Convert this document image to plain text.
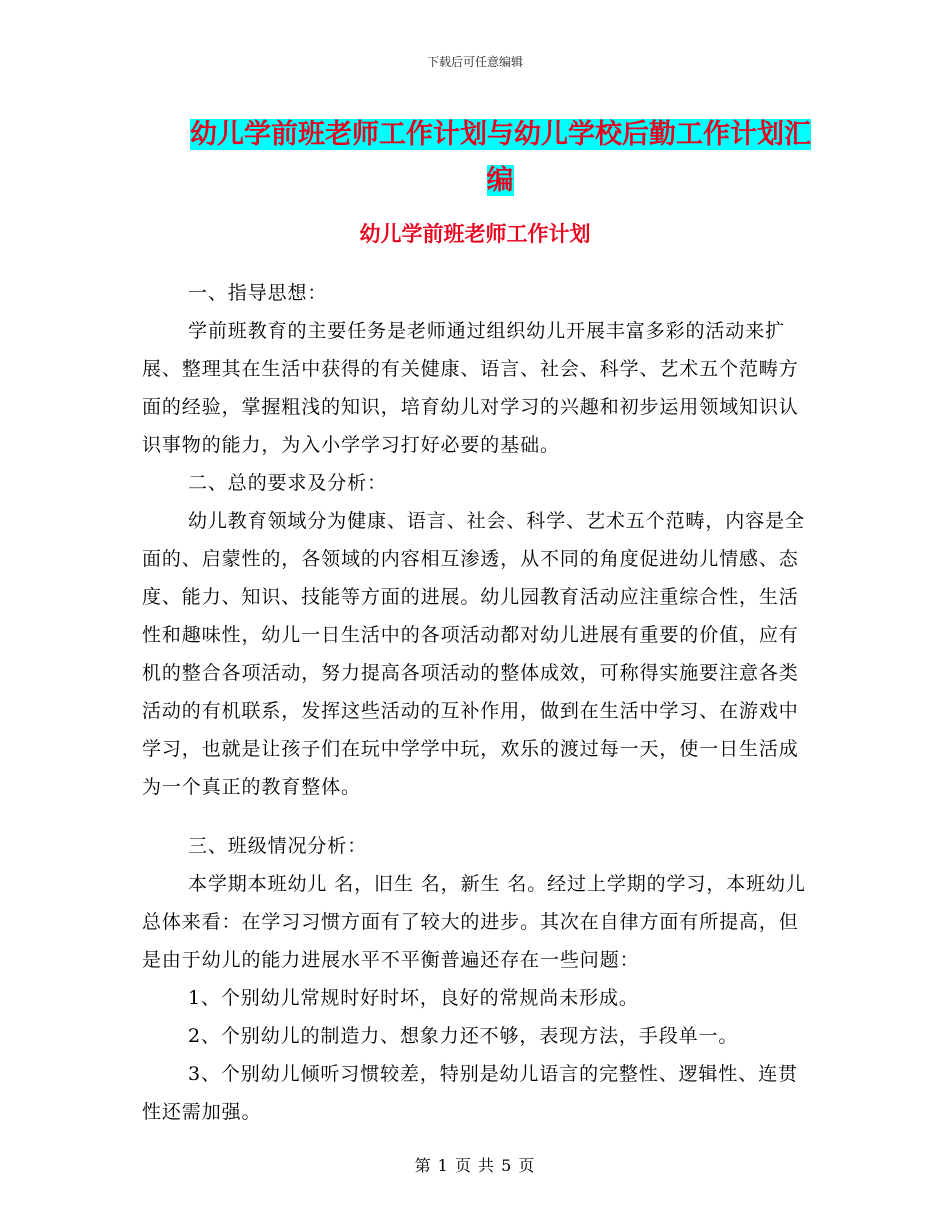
下载后可任意编辑
幼儿学前班老师工作计划与幼儿学校后勤工作计划汇
编
幼儿学前班老师工作计划

一、指导思想：

学前班教育的主要任务是老师通过组织幼儿开展丰富多彩的活动来扩展、整理其在生活中获得的有关健康、语言、社会、科学、艺术五个范畴方面的经验，掌握粗浅的知识，培育幼儿对学习的兴趣和初步运用领域知识认识事物的能力，为入小学学习打好必要的基础。

二、总的要求及分析：

幼儿教育领域分为健康、语言、社会、科学、艺术五个范畴，内容是全面的、启蒙性的，各领域的内容相互渗透，从不同的角度促进幼儿情感、态度、能力、知识、技能等方面的进展。幼儿园教育活动应注重综合性，生活性和趣味性，幼儿一日生活中的各项活动都对幼儿进展有重要的价值，应有机的整合各项活动，努力提高各项活动的整体成效，可称得实施要注意各类活动的有机联系，发挥这些活动的互补作用，做到在生活中学习、在游戏中学习，也就是让孩子们在玩中学学中玩，欢乐的渡过每一天，使一日生活成为一个真正的教育整体。

三、班级情况分析：

本学期本班幼儿 名，旧生 名，新生 名。经过上学期的学习，本班幼儿总体来看：在学习习惯方面有了较大的进步。其次在自律方面有所提高，但是由于幼儿的能力进展水平不平衡普遍还存在一些问题：

1、个别幼儿常规时好时坏，良好的常规尚未形成。

2、个别幼儿的制造力、想象力还不够，表现方法，手段单一。

3、个别幼儿倾听习惯较差，特别是幼儿语言的完整性、逻辑性、连贯性还需加强。

第 1 页 共 5 页
